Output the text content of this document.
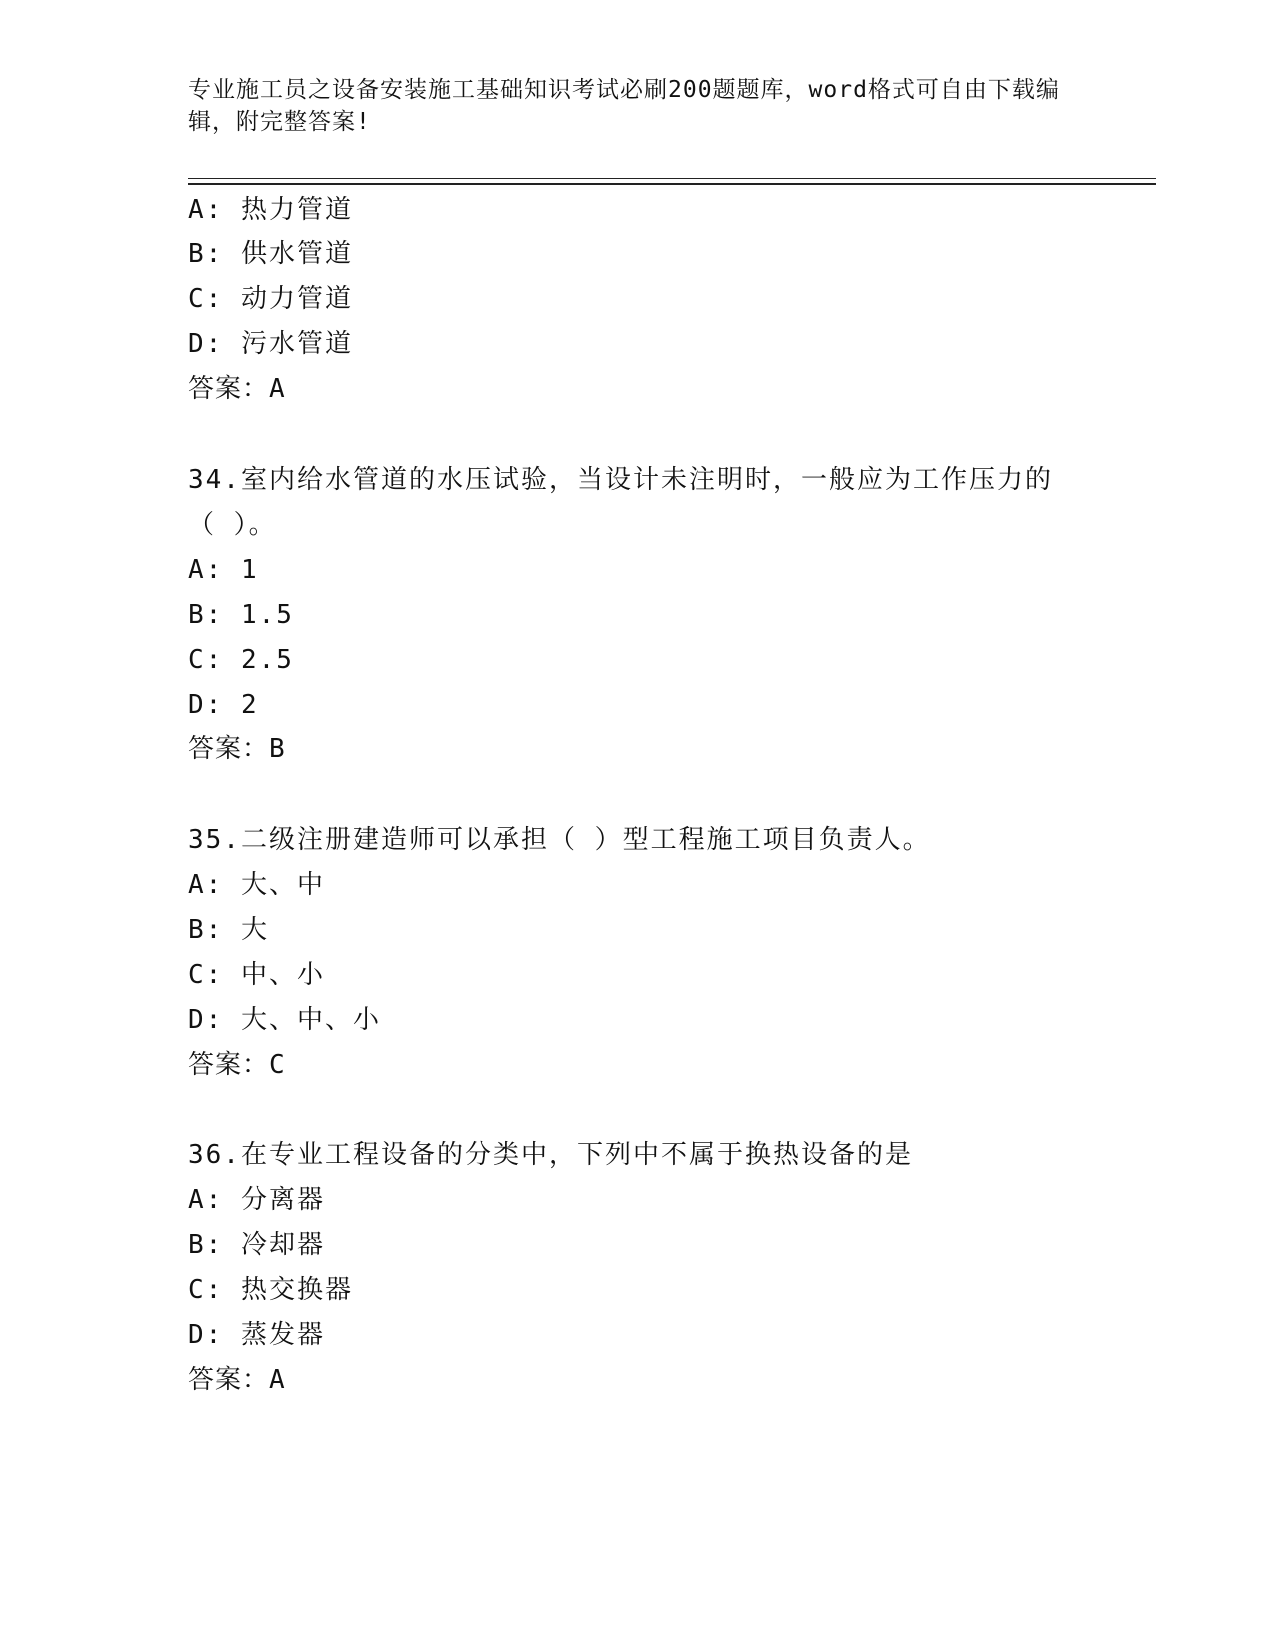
专业施工员之设备安装施工基础知识考试必刷200题题库，word格式可自由下载编辑，附完整答案!
A: 热力管道
B: 供水管道
C: 动力管道
D: 污水管道
答案：A
34.室内给水管道的水压试验，当设计未注明时，一般应为工作压力的
（ ）。
A: 1
B: 1.5
C: 2.5
D: 2
答案：B
35.二级注册建造师可以承担（ ）型工程施工项目负责人。
A: 大、中
B: 大
C: 中、小
D: 大、中、小
答案：C
36.在专业工程设备的分类中，下列中不属于换热设备的是
A: 分离器
B: 冷却器
C: 热交换器
D: 蒸发器
答案：A
